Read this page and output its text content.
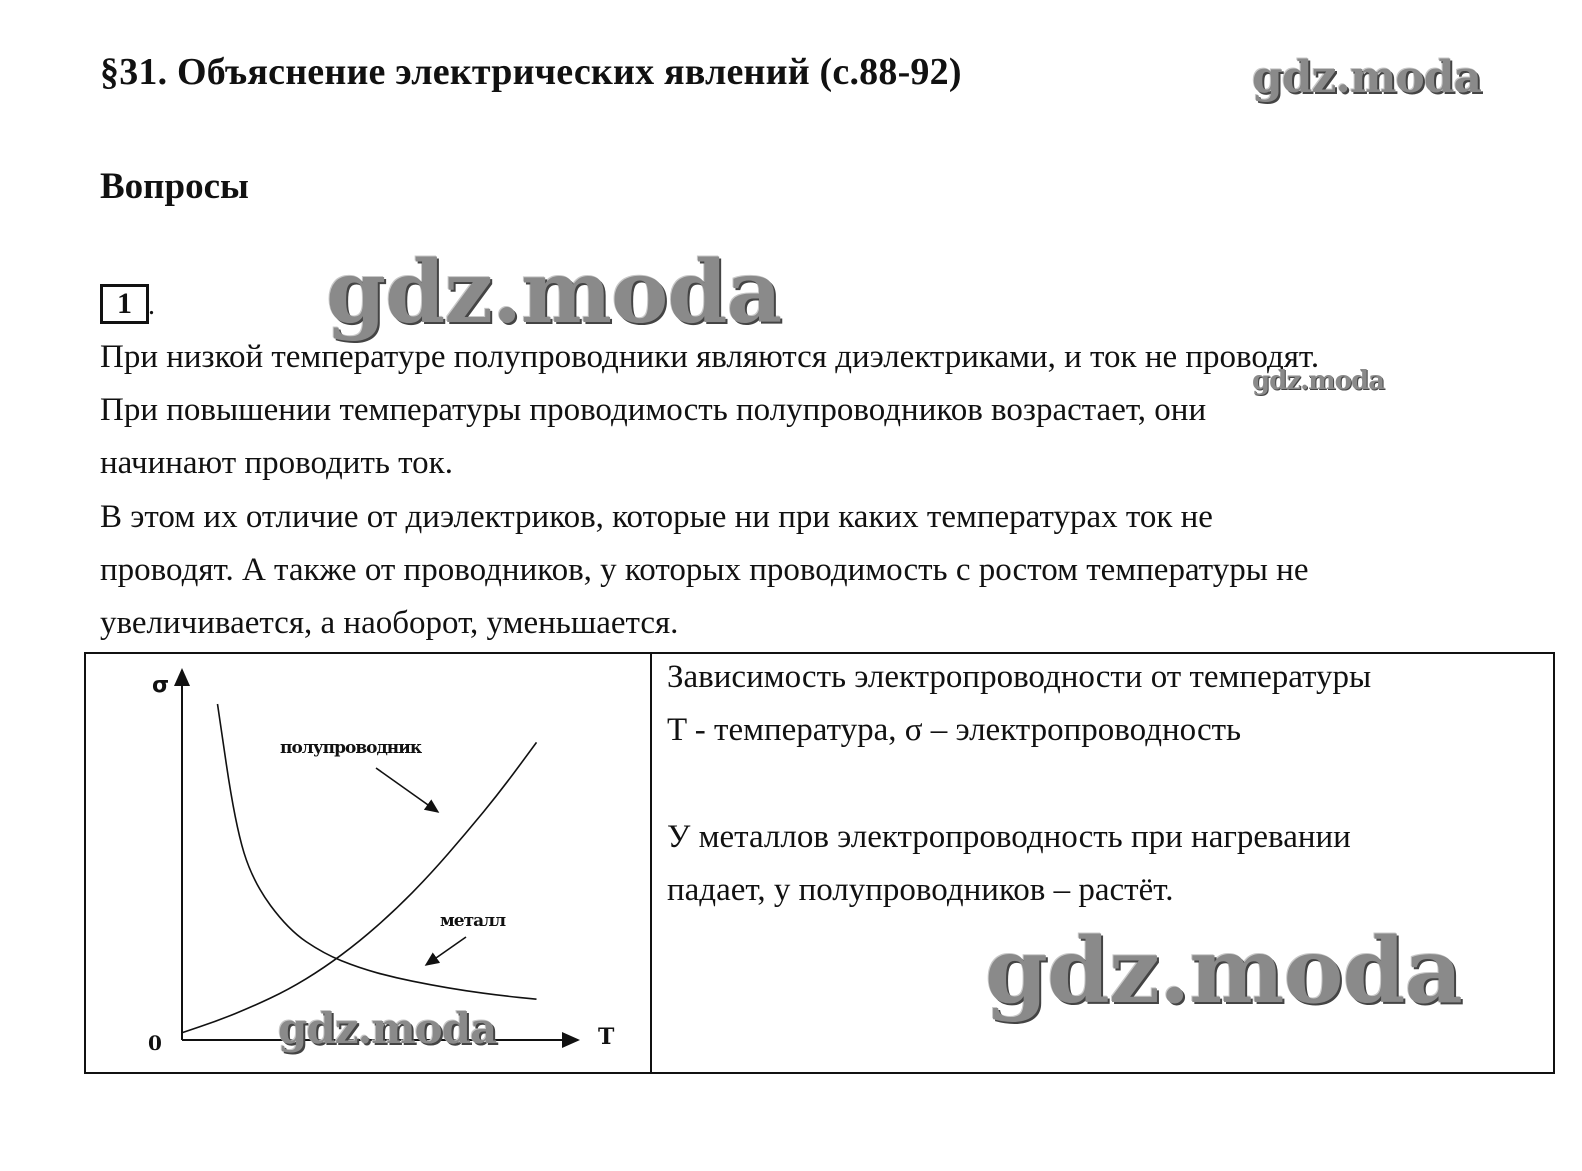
§31. Объяснение электрических явлений (с.88-92)	gdz.moda
Вопросы
1 . gdz.moda
При низкой температуре полупроводники являются диэлектриками, и ток не проводят.
gdz.moda
При повышении температуры проводимость полупроводников возрастает, они
начинают проводить ток.
В этом их отличие от диэлектриков, которые ни при каких температурах ток не
проводят. А также от проводников, у которых проводимость с ростом температуры не
увеличивается, а наоборот, уменьшается.
σ
T
0
полупроводник
металл
gdz.moda
Зависимость электропроводности от температуры
T - температура, σ – электропроводность
У металлов электропроводность при нагревании
падает, у полупроводников – растёт.
gdz.moda
